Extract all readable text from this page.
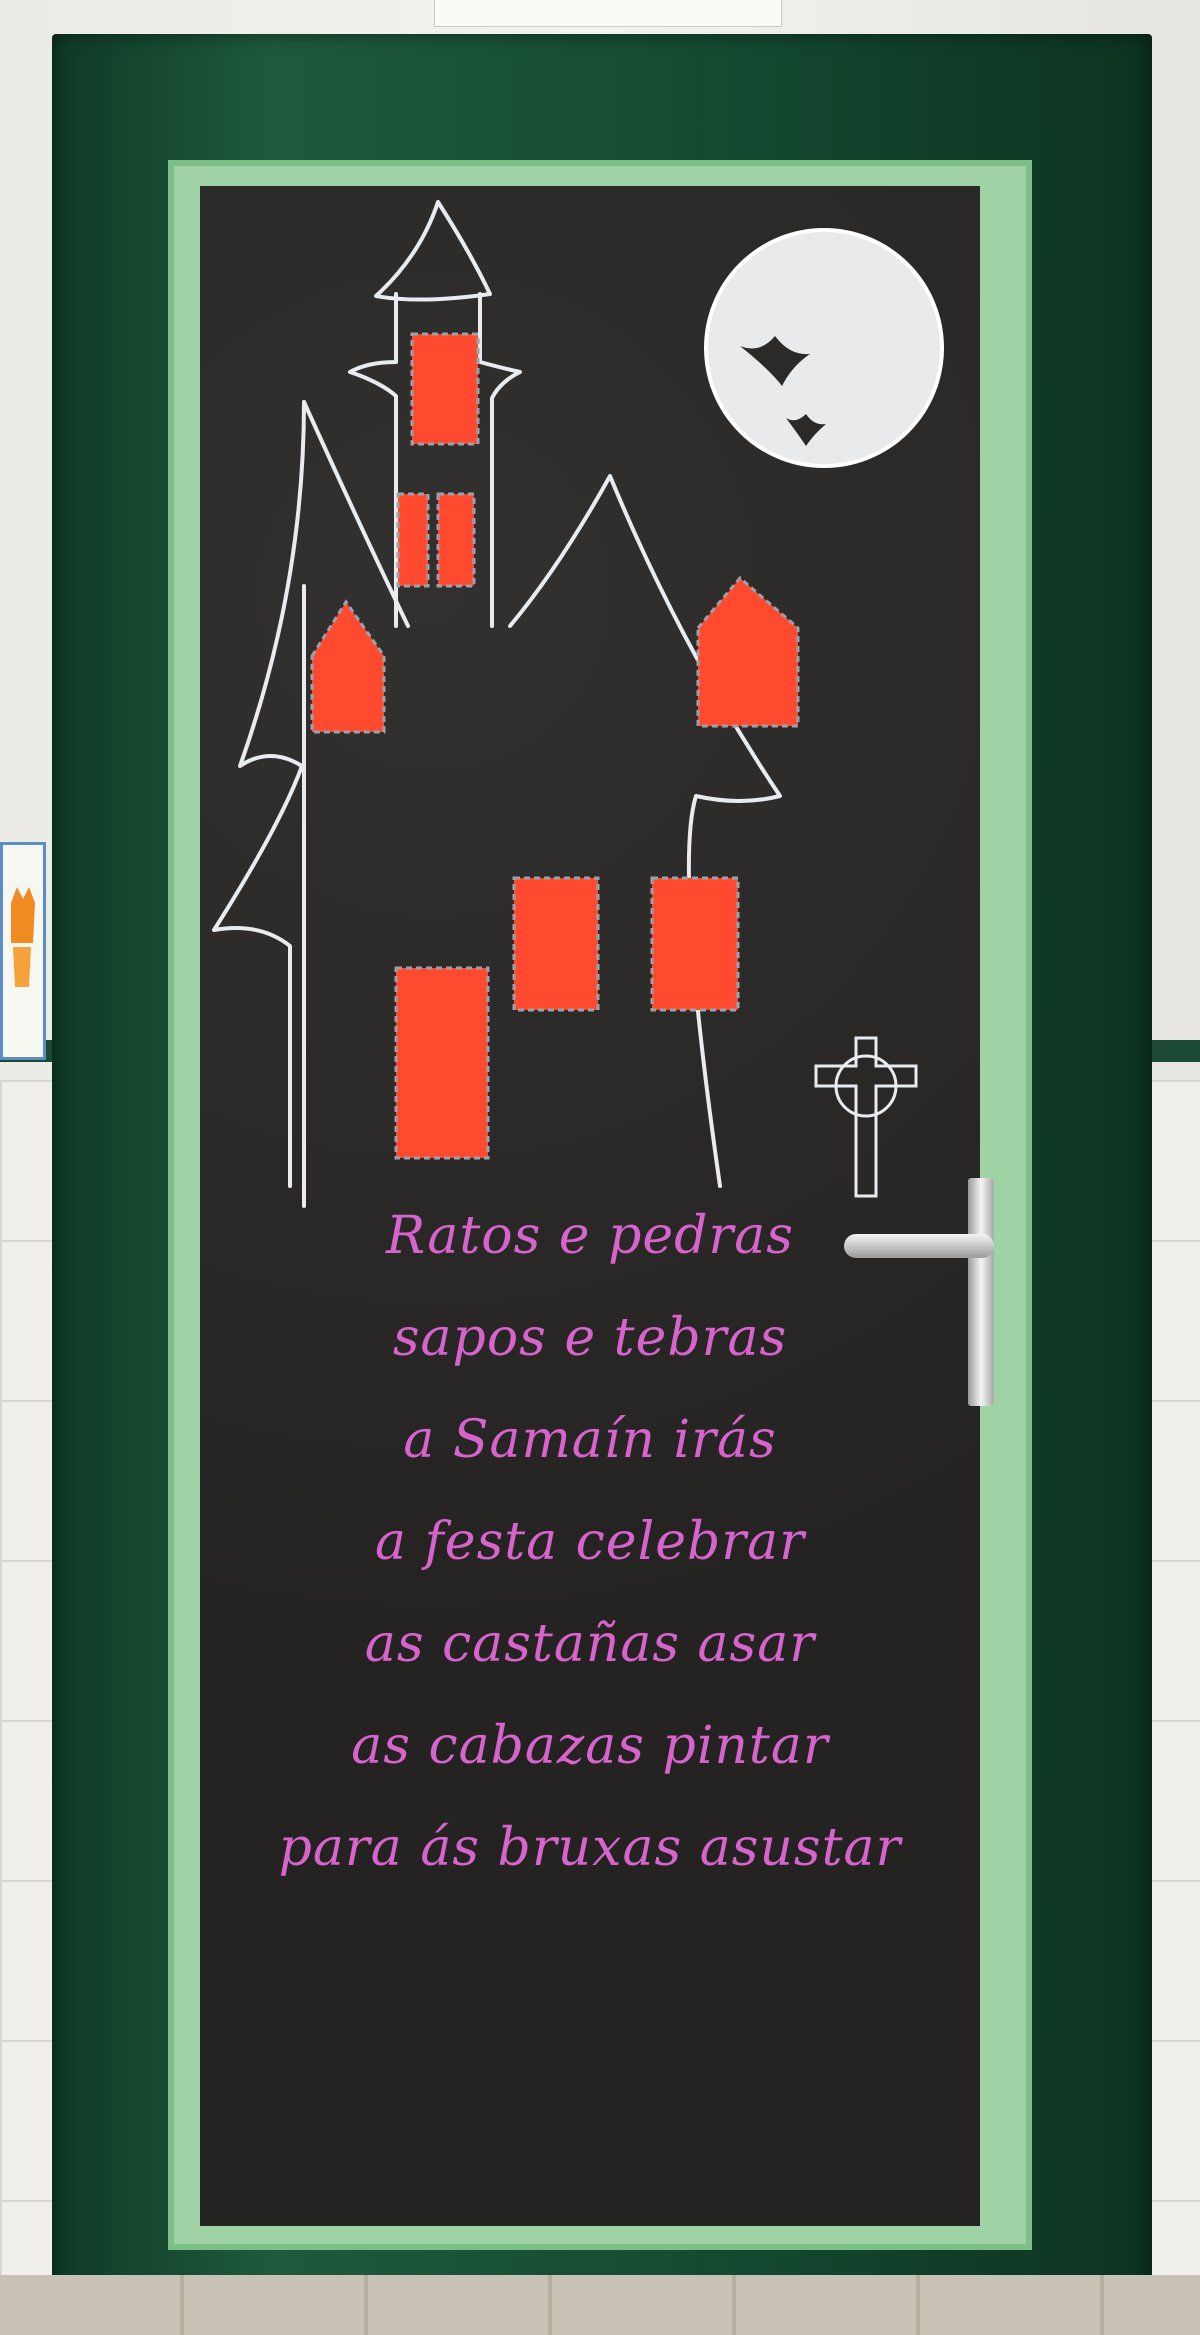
Ratos e pedras
sapos e tebras
a Samaín irás
a festa celebrar
as castañas asar
as cabazas pintar
para ás bruxas asustar
